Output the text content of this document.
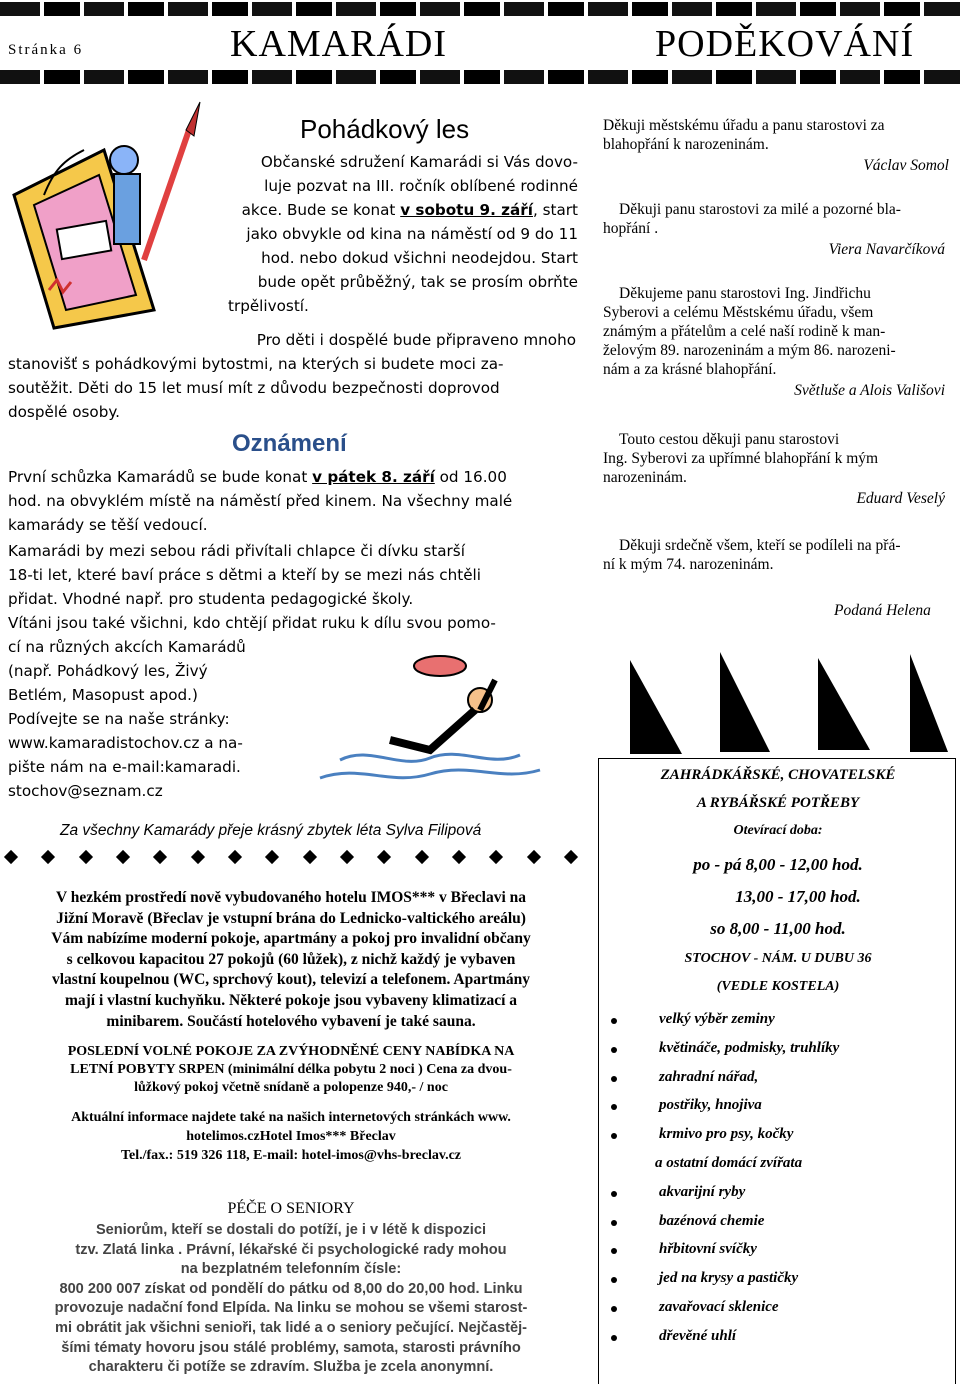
Stránka 6	KAMARÁDI	PODĚKOVÁNÍ
Pohádkový les
Občanské sdružení Kamarádi si Vás dovo-
luje pozvat na III. ročník oblíbené rodinné
akce. Bude se konat v sobotu 9. září, start
jako obvykle od kina na náměstí od 9 do 11
hod. nebo dokud všichni neodejdou. Start
bude opět průběžný, tak se prosím obrňte
trpělivostí.
Pro děti i dospělé bude připraveno mnoho
stanovišť s pohádkovými bytostmi, na kterých si budete moci za-
soutěžit. Děti do 15 let musí mít z důvodu bezpečnosti doprovod
dospělé osoby.
Oznámení
První schůzka Kamarádů se bude konat v pátek 8. září od 16.00
hod. na obvyklém místě na náměstí před kinem. Na všechny malé
kamarády se těší vedoucí.
Kamarádi by mezi sebou rádi přivítali chlapce či dívku starší
18-ti let, které baví práce s dětmi a kteří by se mezi nás chtěli
přidat. Vhodné např. pro studenta pedagogické školy.
Vítáni jsou také všichni, kdo chtějí přidat ruku k dílu svou pomo-
cí na různých akcích Kamarádů
(např. Pohádkový les, Živý
Betlém, Masopust apod.)
Podívejte se na naše stránky:
www.kamaradistochov.cz a na-
pište nám na e-mail:kamaradi.
stochov@seznam.cz
Za všechny Kamarády přeje krásný zbytek léta Sylva Filipová
V hezkém prostředí nově vybudovaného hotelu IMOS*** v Břeclavi na
Jižní Moravě (Břeclav je vstupní brána do Lednicko-valtického areálu)
Vám nabízíme moderní pokoje, apartmány a pokoj pro invalidní občany
s celkovou kapacitou 27 pokojů (60 lůžek), z nichž každý je vybaven
vlastní koupelnou (WC, sprchový kout), televizí a telefonem. Apartmány
mají i vlastní kuchyňku. Některé pokoje jsou vybaveny klimatizací a
minibarem. Součástí hotelového vybavení je také sauna.
POSLEDNÍ VOLNÉ POKOJE ZA ZVÝHODNĚNÉ CENY NABÍDKA NA
LETNÍ POBYTY SRPEN (minimální délka pobytu 2 noci ) Cena za dvou-
lůžkový pokoj včetně snídaně a polopenze 940,- / noc
Aktuální informace najdete také na našich internetových stránkách www.
hotelimos.czHotel Imos*** Břeclav
Tel./fax.: 519 326 118, E-mail: hotel-imos@vhs-breclav.cz
PÉČE O SENIORY
Seniorům, kteří se dostali do potíží, je i v létě k dispozici
tzv. Zlatá linka . Právní, lékařské či psychologické rady mohou
na bezplatném telefonním čísle:
800 200 007 získat od pondělí do pátku od 8,00 do 20,00 hod. Linku
provozuje nadační fond Elpída. Na linku se mohou se všemi starost-
mi obrátit jak všichni senioři, tak lidé a o seniory pečující. Nejčastěj-
šími tématy hovoru jsou stálé problémy, samota, starosti právního
charakteru či potíže se zdravím. Služba je zcela anonymní.
Děkuji městskému úřadu a panu starostovi za
blahopřání k narozeninám.
Václav Somol
Děkuji panu starostovi za milé a pozorné bla-
hopřání .
Viera Navarčíková
Děkujeme panu starostovi Ing. Jindřichu
Syberovi a celému Městskému úřadu, všem
známým a přátelům a celé naší rodině k man-
želovým 89. narozeninám a mým 86. narozeni-
nám a za krásné blahopřání.
Světluše a Alois Vališovi
Touto cestou děkuji panu starostovi
Ing. Syberovi za upřímné blahopřání k mým
narozeninám.
Eduard Veselý
Děkuji srdečně všem, kteří se podíleli na přá-
ní k mým 74. narozeninám.
Podaná Helena
ZAHRÁDKÁŘSKÉ, CHOVATELSKÉ
A RYBÁŘSKÉ POTŘEBY
Otevírací doba:
po - pá 8,00 - 12,00 hod.
13,00 - 17,00 hod.
so 8,00 - 11,00 hod.
STOCHOV - NÁM. U DUBU 36
(VEDLE KOSTELA)
velký výběr zeminy
květináče, podmisky, truhlíky
zahradní nářad,
postřiky, hnojiva
krmivo pro psy, kočky
a ostatní domácí zvířata
akvarijní ryby
bazénová chemie
hřbitovní svíčky
jed na krysy a pastičky
zavařovací sklenice
dřevěné uhlí
